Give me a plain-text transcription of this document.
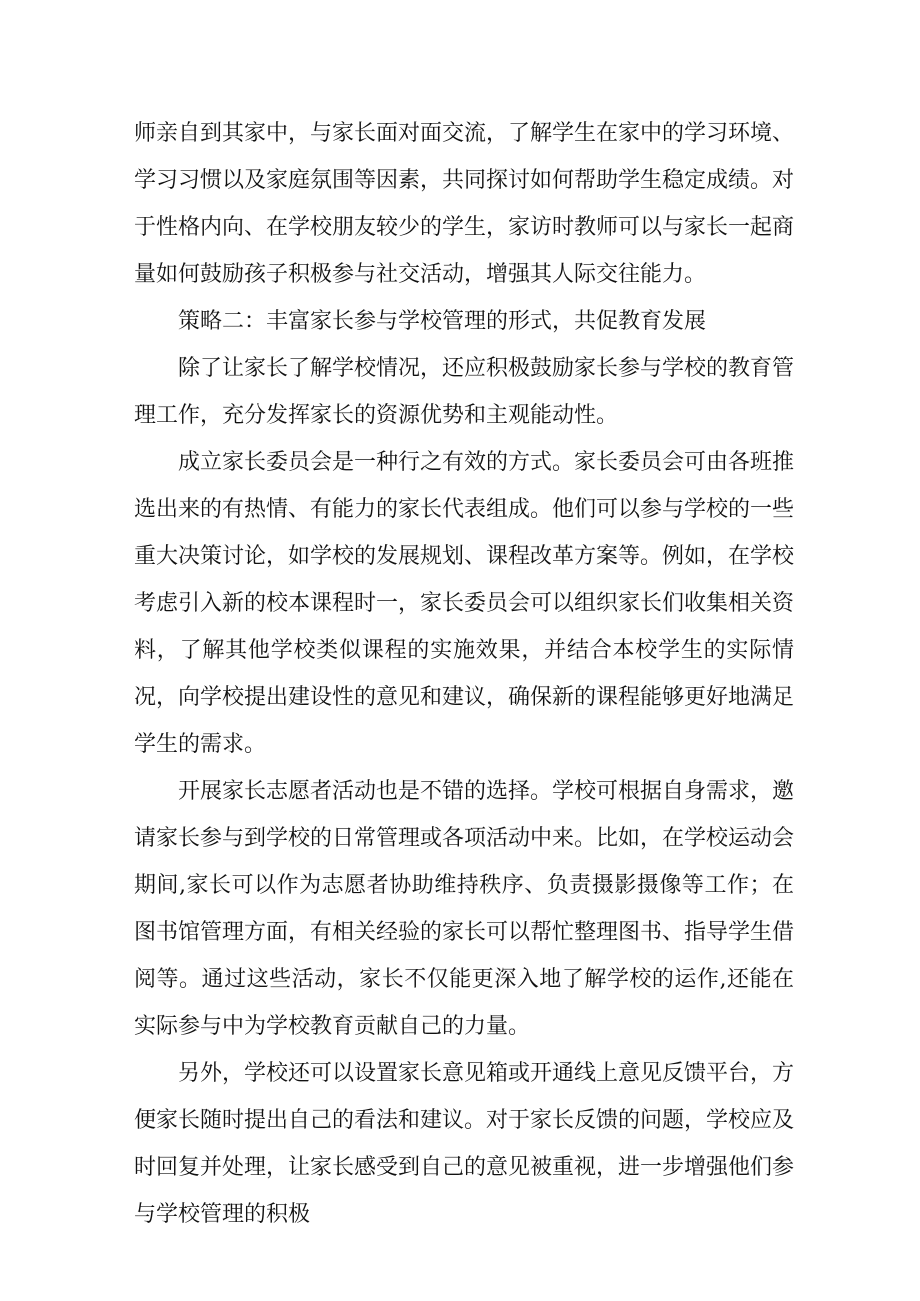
师亲自到其家中，与家长面对面交流，了解学生在家中的学习环境、学习习惯以及家庭氛围等因素，共同探讨如何帮助学生稳定成绩。对于性格内向、在学校朋友较少的学生，家访时教师可以与家长一起商量如何鼓励孩子积极参与社交活动，增强其人际交往能力。

策略二：丰富家长参与学校管理的形式，共促教育发展

除了让家长了解学校情况，还应积极鼓励家长参与学校的教育管理工作，充分发挥家长的资源优势和主观能动性。

成立家长委员会是一种行之有效的方式。家长委员会可由各班推选出来的有热情、有能力的家长代表组成。他们可以参与学校的一些重大决策讨论，如学校的发展规划、课程改革方案等。例如，在学校考虑引入新的校本课程时一，家长委员会可以组织家长们收集相关资料，了解其他学校类似课程的实施效果，并结合本校学生的实际情况，向学校提出建设性的意见和建议，确保新的课程能够更好地满足学生的需求。

开展家长志愿者活动也是不错的选择。学校可根据自身需求，邀请家长参与到学校的日常管理或各项活动中来。比如，在学校运动会期间,家长可以作为志愿者协助维持秩序、负责摄影摄像等工作；在图书馆管理方面，有相关经验的家长可以帮忙整理图书、指导学生借阅等。通过这些活动，家长不仅能更深入地了解学校的运作,还能在实际参与中为学校教育贡献自己的力量。

另外，学校还可以设置家长意见箱或开通线上意见反馈平台，方便家长随时提出自己的看法和建议。对于家长反馈的问题，学校应及时回复并处理，让家长感受到自己的意见被重视，进一步增强他们参与学校管理的积极
